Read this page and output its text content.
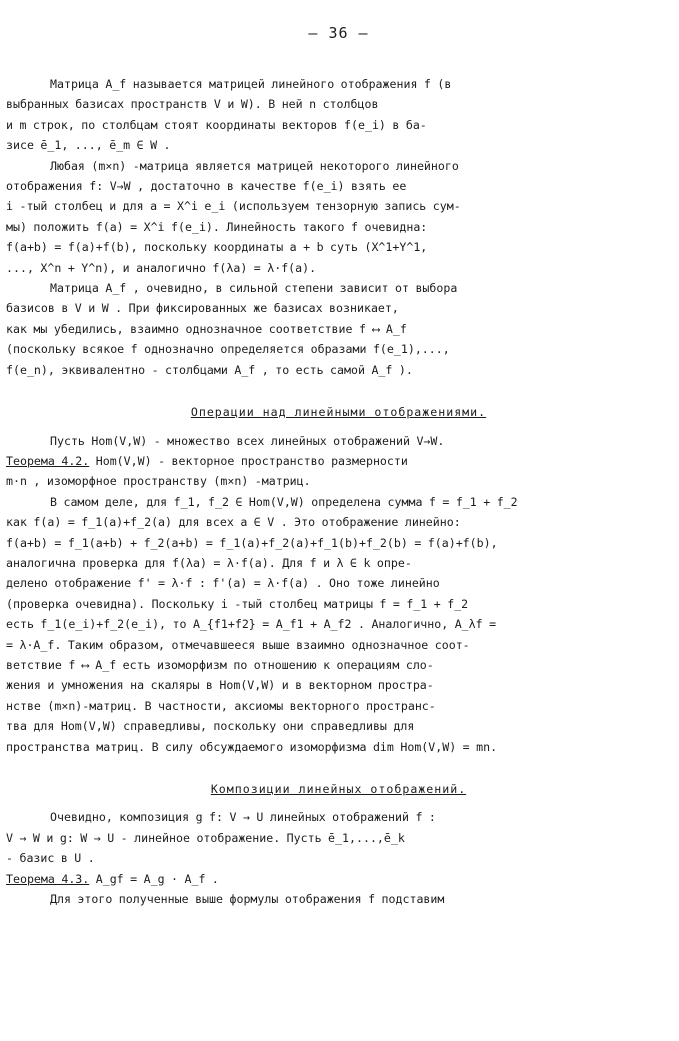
– 36 –

Матрица A_f называется матрицей линейного отображения f (в

выбранных базисах пространств V и W). В ней n столбцов

и m строк, по столбцам стоят координаты векторов f(e_i) в ба-

зисе ē_1, ..., ē_m ∈ W .

Любая (m×n) -матрица является матрицей некоторого линейного

отображения f: V→W , достаточно в качестве f(e_i) взять ее

i -тый столбец и для a = X^i e_i (используем тензорную запись сум-

мы) положить f(a) = X^i f(e_i). Линейность такого f очевидна:

f(a+b) = f(a)+f(b), поскольку координаты a + b суть (X^1+Y^1,

..., X^n + Y^n), и аналогично f(λa) = λ·f(a).

Матрица A_f , очевидно, в сильной степени зависит от выбора

базисов в V и W . При фиксированных же базисах возникает,

как мы убедились, взаимно однозначное соответствие f ⟷ A_f

(поскольку всякое f однозначно определяется образами f(e_1),...,

f(e_n), эквивалентно - столбцами A_f , то есть самой A_f ).

Операции над линейными отображениями.

Пусть Hom(V,W) - множество всех линейных отображений V→W.

Теорема 4.2. Hom(V,W) - векторное пространство размерности

m·n , изоморфное пространству (m×n) -матриц.

В самом деле, для f_1, f_2 ∈ Hom(V,W) определена сумма f = f_1 + f_2

как f(a) = f_1(a)+f_2(a) для всех a ∈ V . Это отображение линейно:

f(a+b) = f_1(a+b) + f_2(a+b) = f_1(a)+f_2(a)+f_1(b)+f_2(b) = f(a)+f(b),

аналогична проверка для f(λa) = λ·f(a). Для f и λ ∈ k опре-

делено отображение f' = λ·f : f'(a) = λ·f(a) . Оно тоже линейно

(проверка очевидна). Поскольку i -тый столбец матрицы f = f_1 + f_2

есть f_1(e_i)+f_2(e_i), то A_{f1+f2} = A_f1 + A_f2 . Аналогично, A_λf =

= λ·A_f. Таким образом, отмечавшееся выше взаимно однозначное соот-

ветствие f ⟷ A_f есть изоморфизм по отношению к операциям сло-

жения и умножения на скаляры в Hom(V,W) и в векторном простра-

нстве (m×n)-матриц. В частности, аксиомы векторного пространс-

тва для Hom(V,W) справедливы, поскольку они справедливы для

пространства матриц. В силу обсуждаемого изоморфизма dim Hom(V,W) = mn.

Композиции линейных отображений.

Очевидно, композиция g f: V → U линейных отображений f :

V → W и g: W → U - линейное отображение. Пусть ē_1,...,ē_k

- базис в U .

Теорема 4.3. A_gf = A_g · A_f .

Для этого полученные выше формулы отображения f подставим
